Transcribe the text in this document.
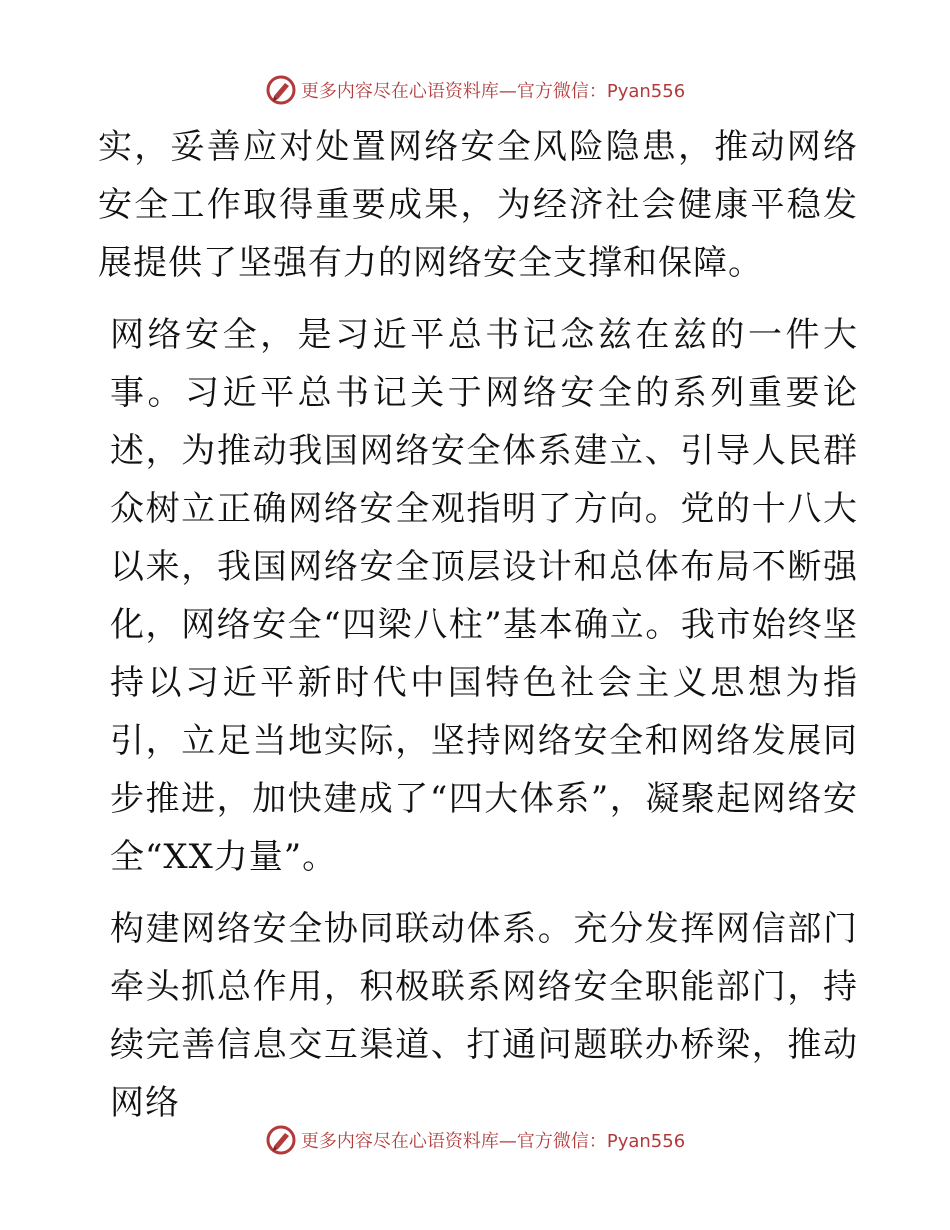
更多内容尽在心语资料库—官方微信：Pyan556

实，妥善应对处置网络安全风险隐患，推动网络安全工作取得重要成果，为经济社会健康平稳发展提供了坚强有力的网络安全支撑和保障。

网络安全，是习近平总书记念兹在兹的一件大事。习近平总书记关于网络安全的系列重要论述，为推动我国网络安全体系建立、引导人民群众树立正确网络安全观指明了方向。党的十八大以来，我国网络安全顶层设计和总体布局不断强化，网络安全“四梁八柱”基本确立。我市始终坚持以习近平新时代中国特色社会主义思想为指引，立足当地实际，坚持网络安全和网络发展同步推进，加快建成了“四大体系”，凝聚起网络安全“XX力量”。

构建网络安全协同联动体系。充分发挥网信部门牵头抓总作用，积极联系网络安全职能部门，持续完善信息交互渠道、打通问题联办桥梁，推动网络

更多内容尽在心语资料库—官方微信：Pyan556
